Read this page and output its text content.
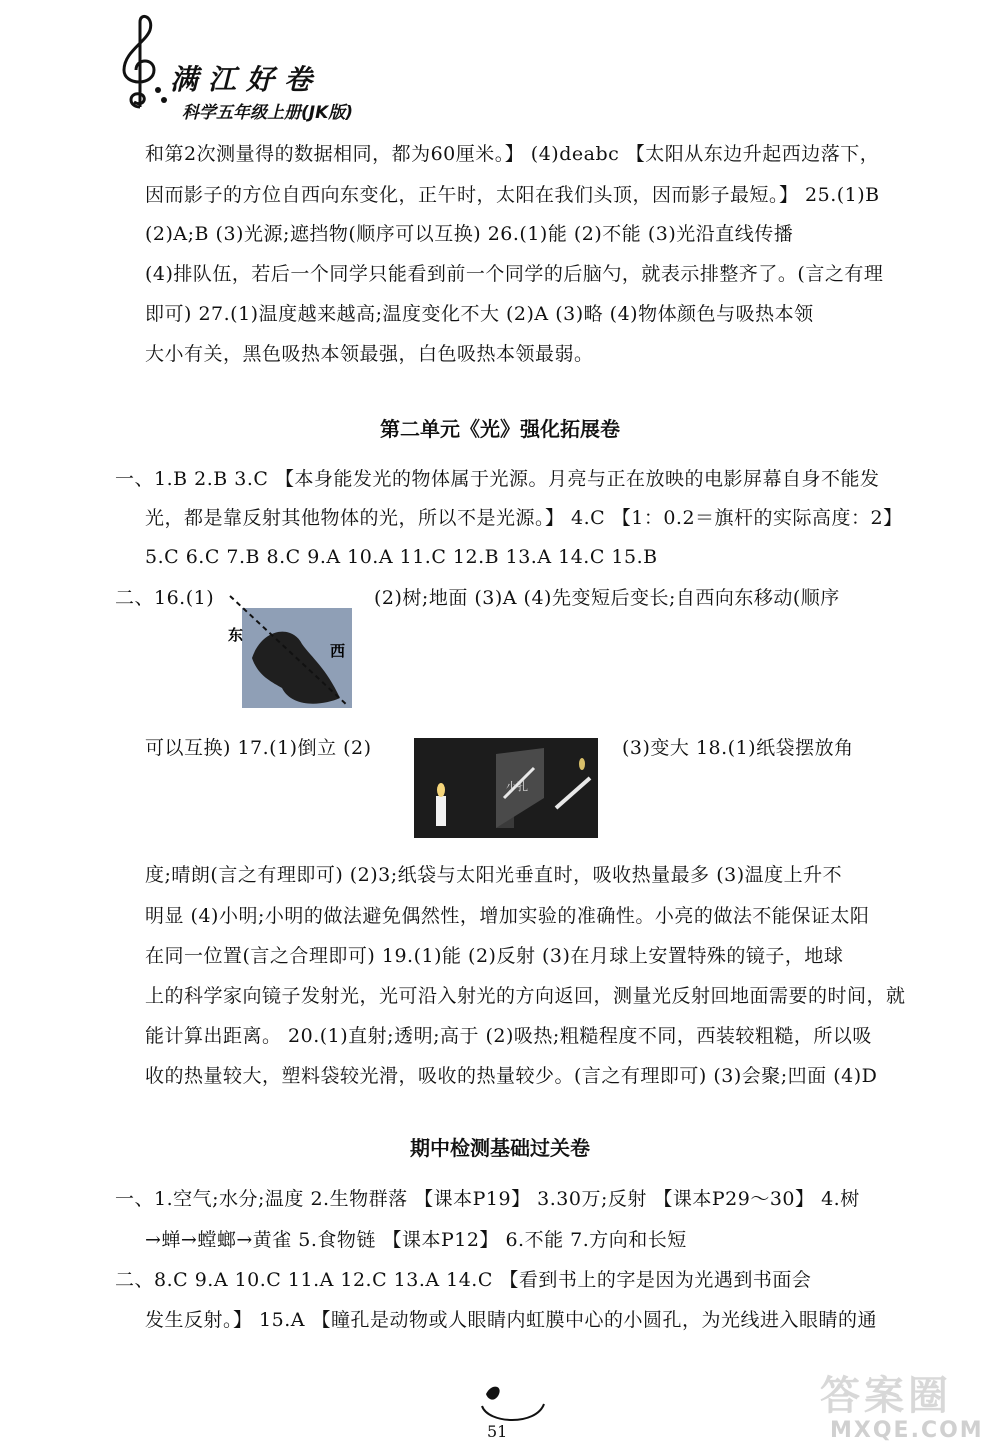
满江好卷
科学五年级上册(JK版)
和第2次测量得的数据相同，都为60厘米。】 (4)deabc 【太阳从东边升起西边落下，
因而影子的方位自西向东变化，正午时，太阳在我们头顶，因而影子最短。】 25.(1)B
(2)A;B (3)光源;遮挡物(顺序可以互换) 26.(1)能 (2)不能 (3)光沿直线传播
(4)排队伍，若后一个同学只能看到前一个同学的后脑勺，就表示排整齐了。(言之有理
即可) 27.(1)温度越来越高;温度变化不大 (2)A (3)略 (4)物体颜色与吸热本领
大小有关，黑色吸热本领最强，白色吸热本领最弱。
第二单元《光》强化拓展卷
一、1.B 2.B 3.C 【本身能发光的物体属于光源。月亮与正在放映的电影屏幕自身不能发
光，都是靠反射其他物体的光，所以不是光源。】 4.C 【1：0.2＝旗杆的实际高度：2】
5.C 6.C 7.B 8.C 9.A 10.A 11.C 12.B 13.A 14.C 15.B
二、16.(1)	(2)树;地面 (3)A (4)先变短后变长;自西向东移动(顺序
东
西
可以互换) 17.(1)倒立 (2)	(3)变大 18.(1)纸袋摆放角
小孔
度;晴朗(言之有理即可) (2)3;纸袋与太阳光垂直时，吸收热量最多 (3)温度上升不
明显 (4)小明;小明的做法避免偶然性，增加实验的准确性。小亮的做法不能保证太阳
在同一位置(言之合理即可) 19.(1)能 (2)反射 (3)在月球上安置特殊的镜子，地球
上的科学家向镜子发射光，光可沿入射光的方向返回，测量光反射回地面需要的时间，就
能计算出距离。 20.(1)直射;透明;高于 (2)吸热;粗糙程度不同，西装较粗糙，所以吸
收的热量较大，塑料袋较光滑，吸收的热量较少。(言之有理即可) (3)会聚;凹面 (4)D
期中检测基础过关卷
一、1.空气;水分;温度 2.生物群落 【课本P19】 3.30万;反射 【课本P29～30】 4.树
→蝉→螳螂→黄雀 5.食物链 【课本P12】 6.不能 7.方向和长短
二、8.C 9.A 10.C 11.A 12.C 13.A 14.C 【看到书上的字是因为光遇到书面会
发生反射。】 15.A 【瞳孔是动物或人眼睛内虹膜中心的小圆孔，为光线进入眼睛的通
51
答案圈
MXQE.COM
